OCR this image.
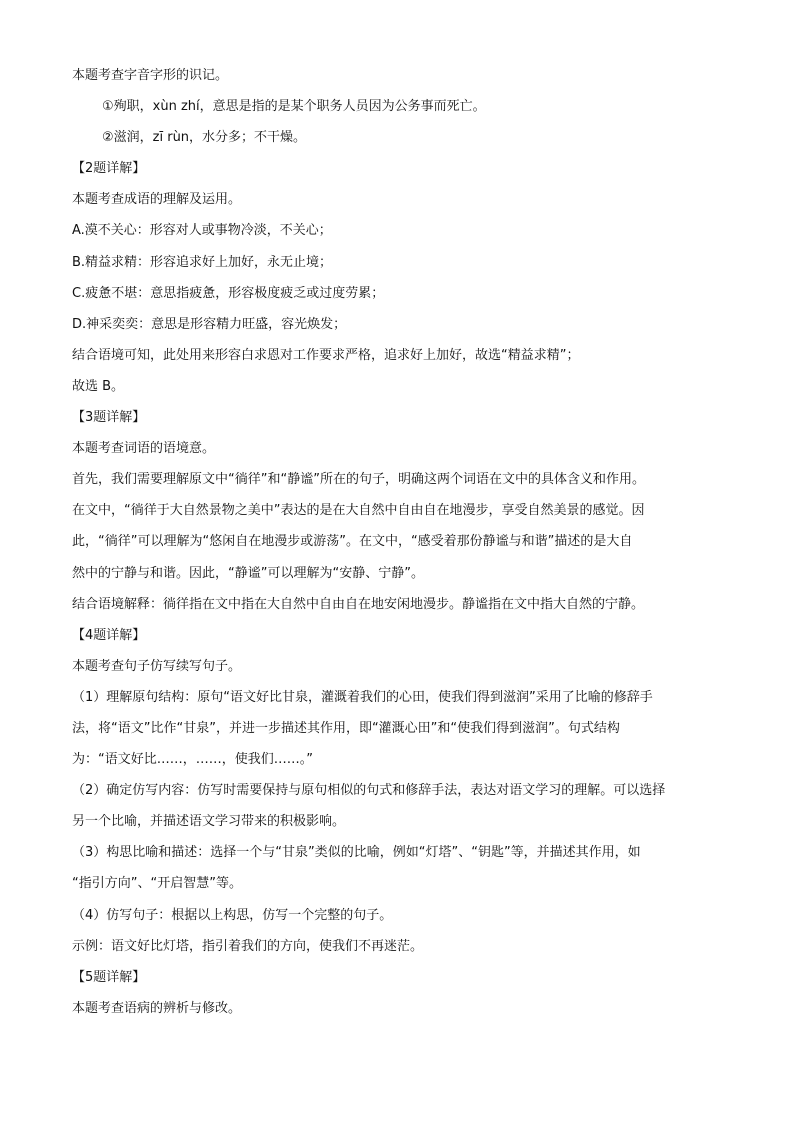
本题考查字音字形的识记。
①殉职，xùn zhí，意思是指的是某个职务人员因为公务事而死亡。
②滋润，zī rùn，水分多；不干燥。
【2题详解】
本题考查成语的理解及运用。
A.漠不关心：形容对人或事物冷淡，不关心；
B.精益求精：形容追求好上加好，永无止境；
C.疲惫不堪：意思指疲惫，形容极度疲乏或过度劳累；
D.神采奕奕：意思是形容精力旺盛，容光焕发；
结合语境可知，此处用来形容白求恩对工作要求严格，追求好上加好，故选“精益求精”；
故选 B。
【3题详解】
本题考查词语的语境意。
首先，我们需要理解原文中“徜徉”和“静谧”所在的句子，明确这两个词语在文中的具体含义和作用。
在文中，“徜徉于大自然景物之美中”表达的是在大自然中自由自在地漫步，享受自然美景的感觉。因
此，“徜徉”可以理解为“悠闲自在地漫步或游荡”。在文中，“感受着那份静谧与和谐”描述的是大自
然中的宁静与和谐。因此，“静谧”可以理解为“安静、宁静”。
结合语境解释：徜徉指在文中指在大自然中自由自在地安闲地漫步。静谧指在文中指大自然的宁静。
【4题详解】
本题考查句子仿写续写句子。
（1）理解原句结构：原句“语文好比甘泉，灌溉着我们的心田，使我们得到滋润”采用了比喻的修辞手
法，将“语文”比作“甘泉”，并进一步描述其作用，即“灌溉心田”和“使我们得到滋润”。句式结构
为：“语文好比……，……，使我们……。”
（2）确定仿写内容：仿写时需要保持与原句相似的句式和修辞手法，表达对语文学习的理解。可以选择
另一个比喻，并描述语文学习带来的积极影响。
（3）构思比喻和描述：选择一个与“甘泉”类似的比喻，例如“灯塔”、“钥匙”等，并描述其作用，如
“指引方向”、“开启智慧”等。
（4）仿写句子：根据以上构思，仿写一个完整的句子。
示例：语文好比灯塔，指引着我们的方向，使我们不再迷茫。
【5题详解】
本题考查语病的辨析与修改。
